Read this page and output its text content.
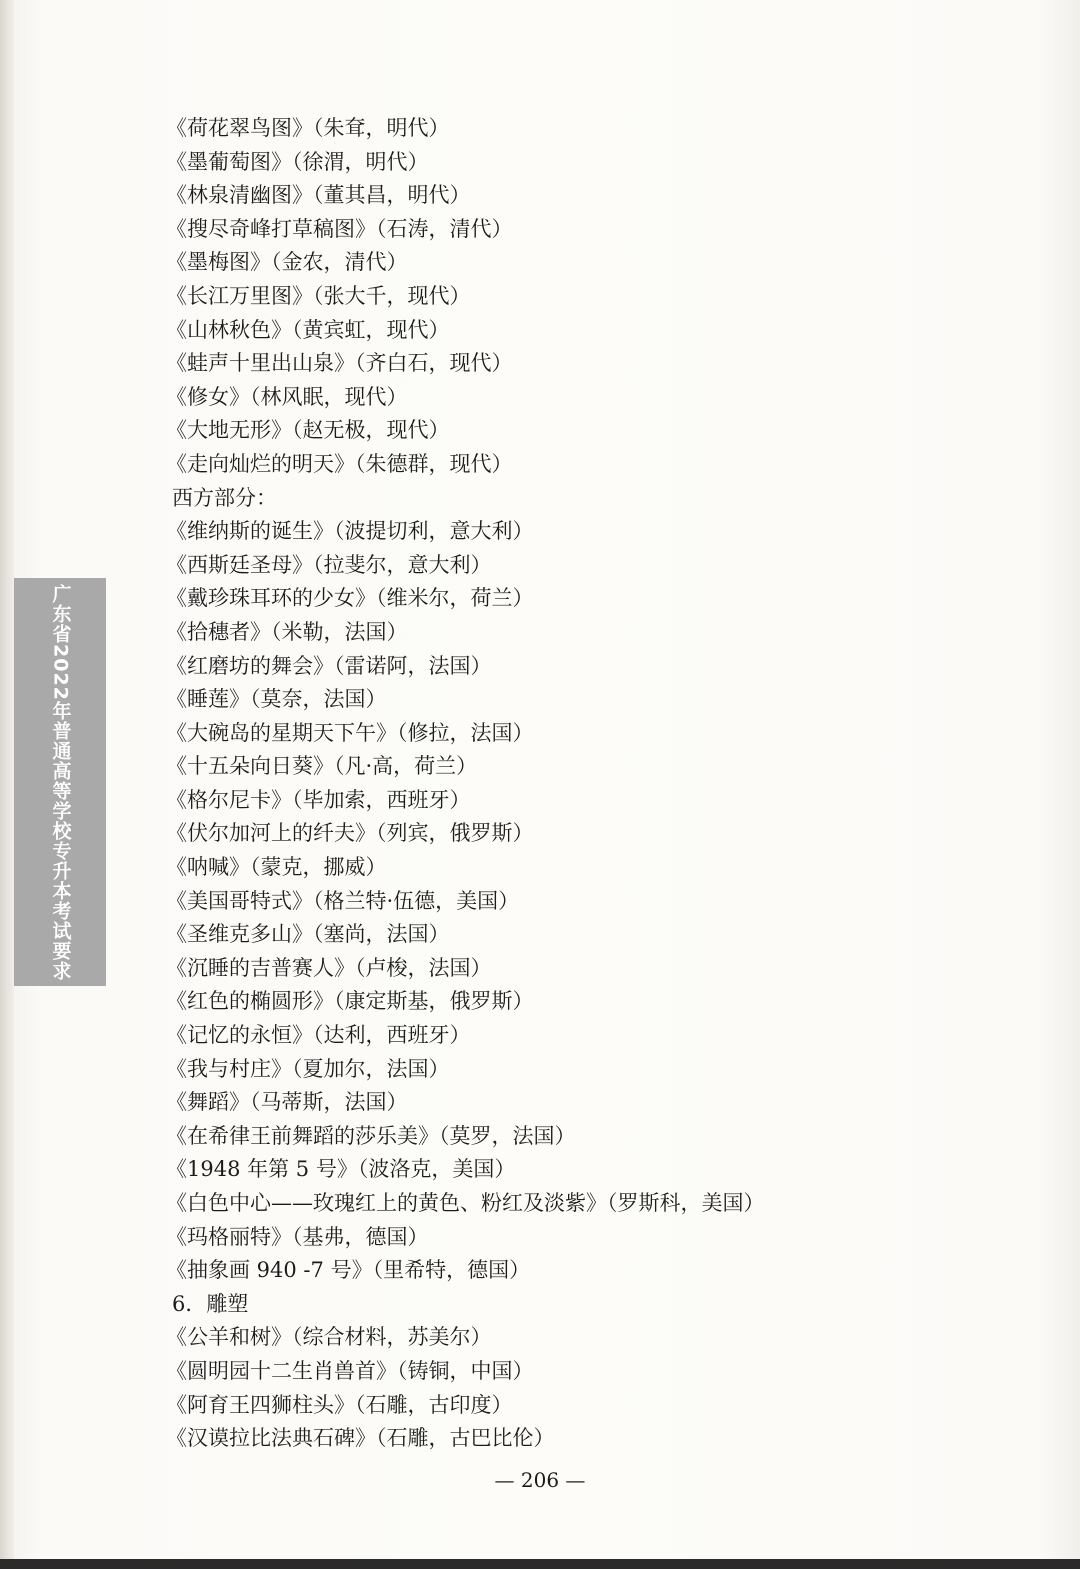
广东省2022年普通高等学校专升本考试要求
《荷花翠鸟图》（朱耷，明代）
《墨葡萄图》（徐渭，明代）
《林泉清幽图》（董其昌，明代）
《搜尽奇峰打草稿图》（石涛，清代）
《墨梅图》（金农，清代）
《长江万里图》（张大千，现代）
《山林秋色》（黄宾虹，现代）
《蛙声十里出山泉》（齐白石，现代）
《修女》（林风眠，现代）
《大地无形》（赵无极，现代）
《走向灿烂的明天》（朱德群，现代）
西方部分：
《维纳斯的诞生》（波提切利，意大利）
《西斯廷圣母》（拉斐尔，意大利）
《戴珍珠耳环的少女》（维米尔，荷兰）
《拾穗者》（米勒，法国）
《红磨坊的舞会》（雷诺阿，法国）
《睡莲》（莫奈，法国）
《大碗岛的星期天下午》（修拉，法国）
《十五朵向日葵》（凡·高，荷兰）
《格尔尼卡》（毕加索，西班牙）
《伏尔加河上的纤夫》（列宾，俄罗斯）
《呐喊》（蒙克，挪威）
《美国哥特式》（格兰特·伍德，美国）
《圣维克多山》（塞尚，法国）
《沉睡的吉普赛人》（卢梭，法国）
《红色的椭圆形》（康定斯基，俄罗斯）
《记忆的永恒》（达利，西班牙）
《我与村庄》（夏加尔，法国）
《舞蹈》（马蒂斯，法国）
《在希律王前舞蹈的莎乐美》（莫罗，法国）
《1948 年第 5 号》（波洛克，美国）
《白色中心——玫瑰红上的黄色、粉红及淡紫》（罗斯科，美国）
《玛格丽特》（基弗，德国）
《抽象画 940 -7 号》（里希特，德国）
6．雕塑
《公羊和树》（综合材料，苏美尔）
《圆明园十二生肖兽首》（铸铜，中国）
《阿育王四狮柱头》（石雕，古印度）
《汉谟拉比法典石碑》（石雕，古巴比伦）
— 206 —
